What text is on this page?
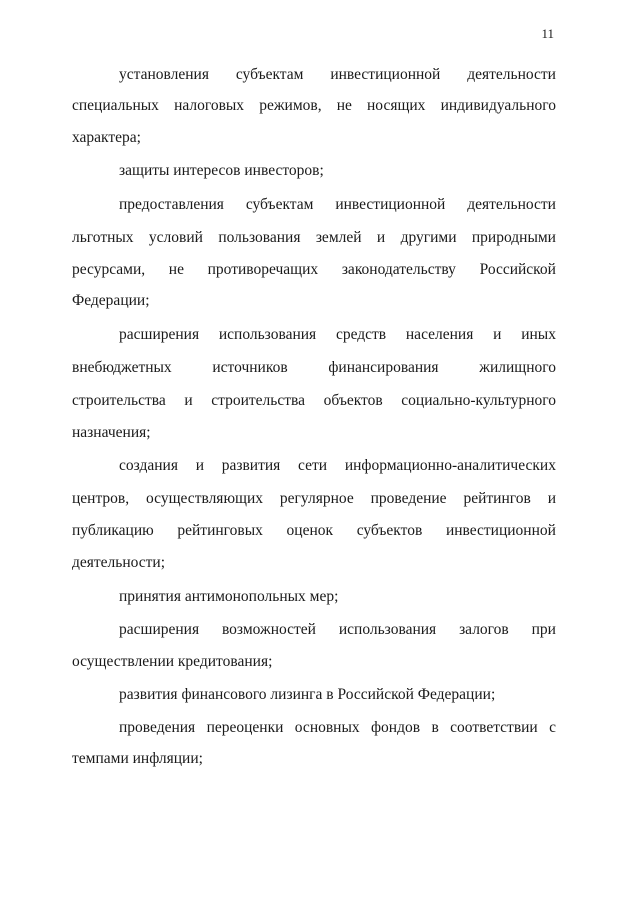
11
установления субъектам инвестиционной деятельности
специальных налоговых режимов, не носящих индивидуального
характера;
защиты интересов инвесторов;
предоставления субъектам инвестиционной деятельности
льготных условий пользования землей и другими природными
ресурсами, не противоречащих законодательству Российской
Федерации;
расширения использования средств населения и иных
внебюджетных	источников	финансирования	жилищного
строительства и строительства объектов социально-культурного
назначения;
создания и развития сети информационно-аналитических
центров, осуществляющих регулярное проведение рейтингов и
публикацию рейтинговых оценок субъектов инвестиционной
деятельности;
принятия антимонопольных мер;
расширения возможностей использования залогов при
осуществлении кредитования;
развития финансового лизинга в Российской Федерации;
проведения переоценки основных фондов в соответствии с
темпами инфляции;
